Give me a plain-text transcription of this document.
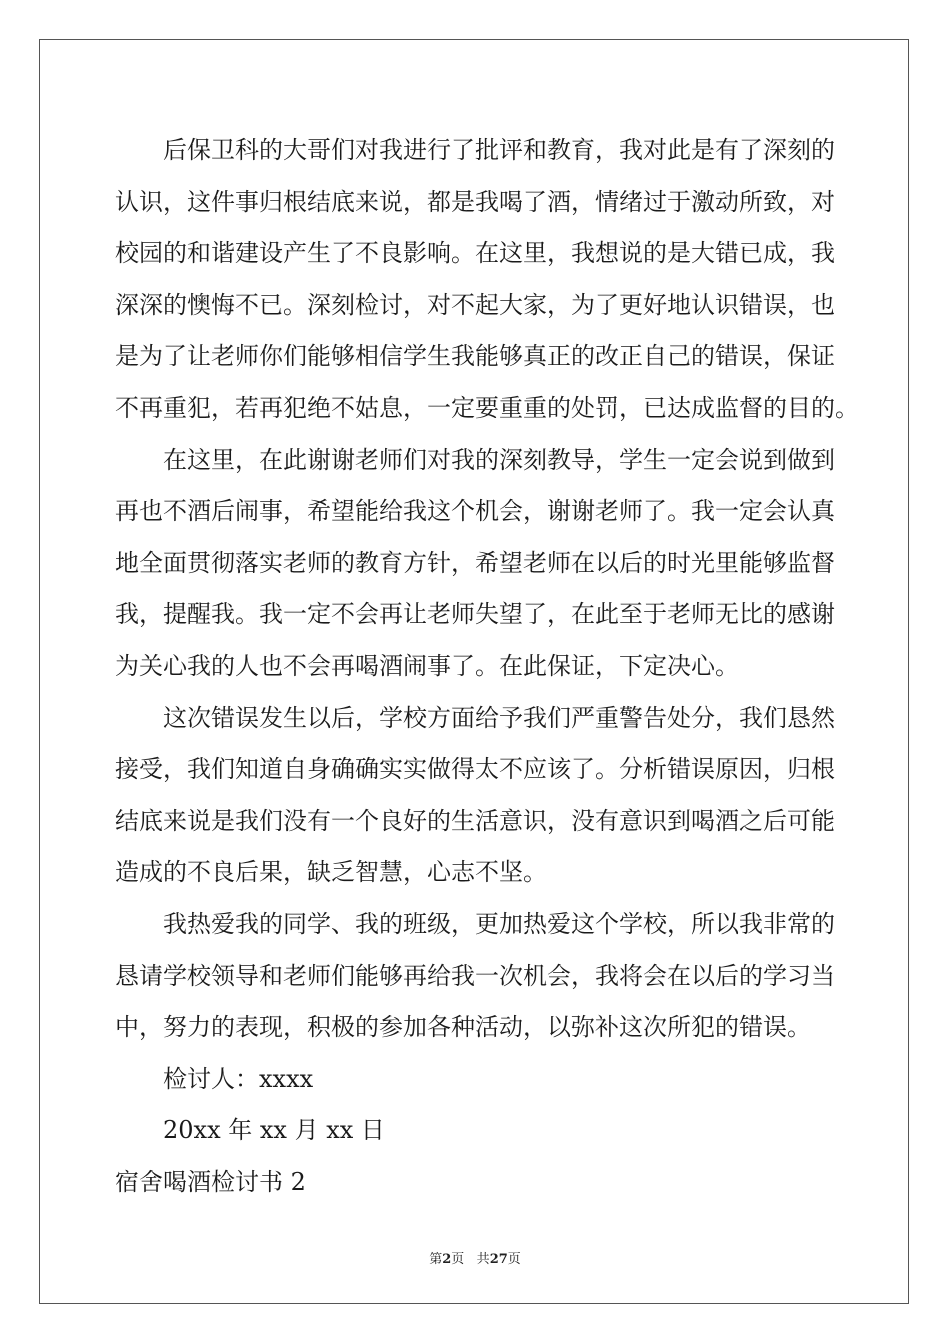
后保卫科的大哥们对我进行了批评和教育，我对此是有了深刻的
认识，这件事归根结底来说，都是我喝了酒，情绪过于激动所致，对
校园的和谐建设产生了不良影响。在这里，我想说的是大错已成，我
深深的懊悔不已。深刻检讨，对不起大家，为了更好地认识错误，也
是为了让老师你们能够相信学生我能够真正的改正自己的错误，保证
不再重犯，若再犯绝不姑息，一定要重重的处罚，已达成监督的目的。
在这里，在此谢谢老师们对我的深刻教导，学生一定会说到做到
再也不酒后闹事，希望能给我这个机会，谢谢老师了。我一定会认真
地全面贯彻落实老师的教育方针，希望老师在以后的时光里能够监督
我，提醒我。我一定不会再让老师失望了，在此至于老师无比的感谢
为关心我的人也不会再喝酒闹事了。在此保证，下定决心。
这次错误发生以后，学校方面给予我们严重警告处分，我们恳然
接受，我们知道自身确确实实做得太不应该了。分析错误原因，归根
结底来说是我们没有一个良好的生活意识，没有意识到喝酒之后可能
造成的不良后果，缺乏智慧，心志不坚。
我热爱我的同学、我的班级，更加热爱这个学校，所以我非常的
恳请学校领导和老师们能够再给我一次机会，我将会在以后的学习当
中，努力的表现，积极的参加各种活动，以弥补这次所犯的错误。
检讨人：xxxx
20xx 年 xx 月 xx 日
宿舍喝酒检讨书 2
第2页 共27页
